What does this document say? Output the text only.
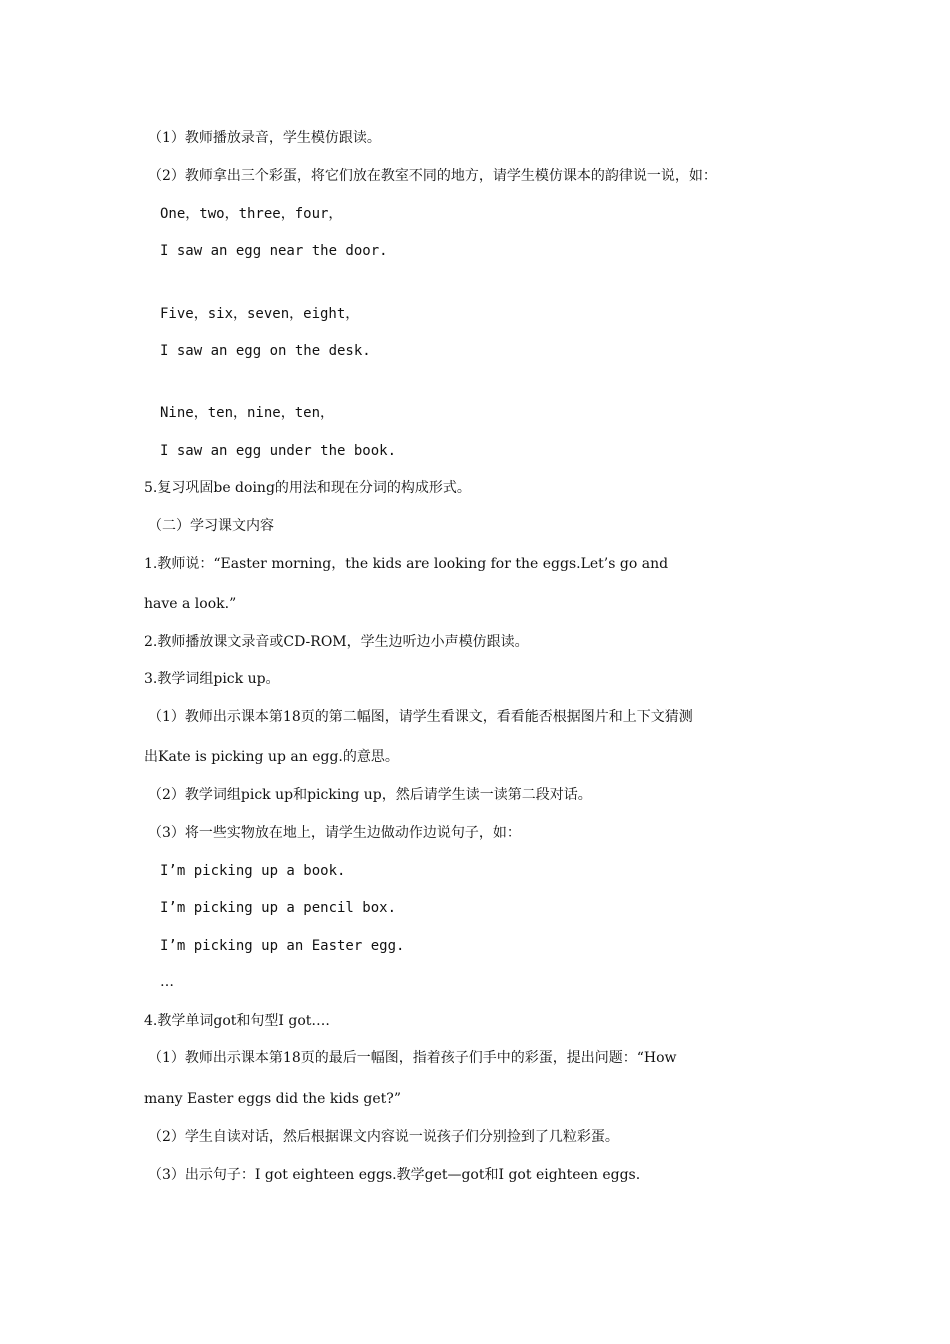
（1）教师播放录音，学生模仿跟读。
（2）教师拿出三个彩蛋，将它们放在教室不同的地方，请学生模仿课本的韵律说一说，如：
One，two，three，four，
I saw an egg near the door.
Five，six，seven，eight，
I saw an egg on the desk.
Nine，ten，nine，ten，
I saw an egg under the book.
5.复习巩固be doing的用法和现在分词的构成形式。
（二）学习课文内容
1.教师说：“Easter morning，the kids are looking for the eggs.Let’s go and
have a look.”
2.教师播放课文录音或CD-ROM，学生边听边小声模仿跟读。
3.教学词组pick up。
（1）教师出示课本第18页的第二幅图，请学生看课文，看看能否根据图片和上下文猜测
出Kate is picking up an egg.的意思。
（2）教学词组pick up和picking up，然后请学生读一读第二段对话。
（3）将一些实物放在地上，请学生边做动作边说句子，如：
I’m picking up a book.
I’m picking up a pencil box.
I’m picking up an Easter egg.
…
4.教学单词got和句型I got….
（1）教师出示课本第18页的最后一幅图，指着孩子们手中的彩蛋，提出问题：“How
many Easter eggs did the kids get?”
（2）学生自读对话，然后根据课文内容说一说孩子们分别捡到了几粒彩蛋。
（3）出示句子：I got eighteen eggs.教学get—got和I got eighteen eggs.
